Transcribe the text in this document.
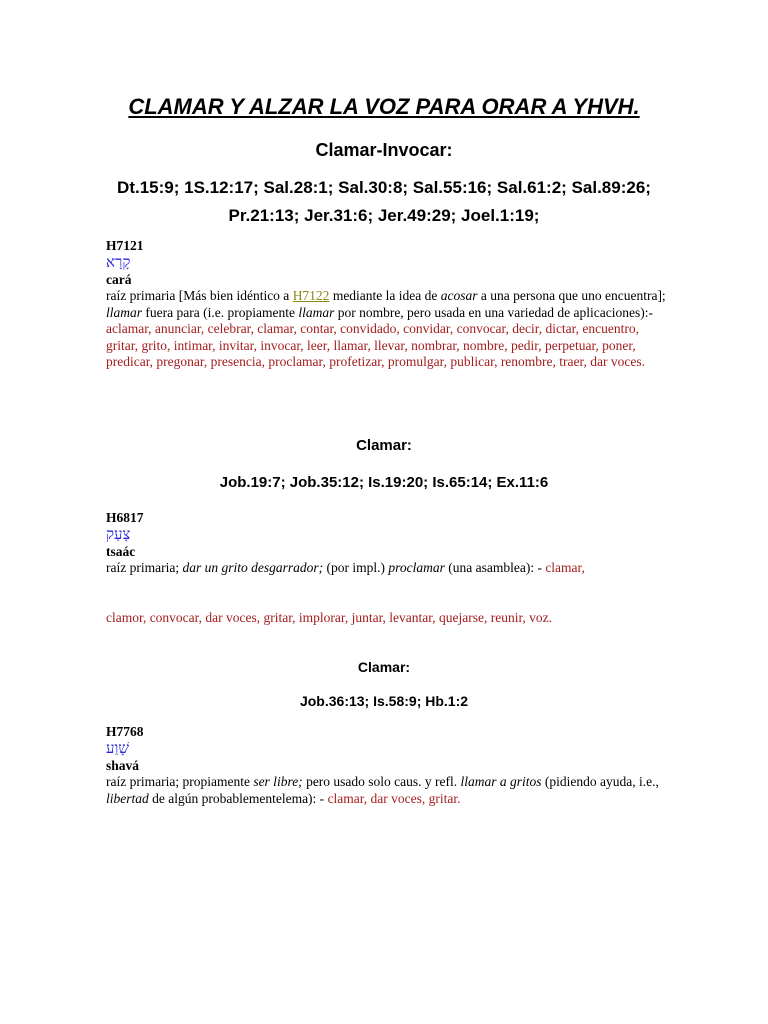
CLAMAR Y ALZAR LA VOZ PARA ORAR A YHVH.
Clamar-Invocar:
Dt.15:9; 1S.12:17; Sal.28:1; Sal.30:8; Sal.55:16; Sal.61:2; Sal.89:26;
Pr.21:13; Jer.31:6; Jer.49:29; Joel.1:19;
H7121
קָרָא
cará
raíz primaria [Más bien idéntico a H7122 mediante la idea de acosar a una persona que uno encuentra]; llamar fuera para (i.e. propiamente llamar por nombre, pero usada en una variedad de aplicaciones):- aclamar, anunciar, celebrar, clamar, contar, convidado, convidar, convocar, decir, dictar, encuentro, gritar, grito, intimar, invitar, invocar, leer, llamar, llevar, nombrar, nombre, pedir, perpetuar, poner, predicar, pregonar, presencia, proclamar, profetizar, promulgar, publicar, renombre, traer, dar voces.
Clamar:
Job.19:7; Job.35:12; Is.19:20; Is.65:14; Ex.11:6
H6817
צָעַק
tsaác
raíz primaria; dar un grito desgarrador; (por impl.) proclamar (una asamblea): - clamar,
clamor, convocar, dar voces, gritar, implorar, juntar, levantar, quejarse, reunir, voz.
Clamar:
Job.36:13; Is.58:9; Hb.1:2
H7768
שָׁוַע
shavá
raíz primaria; propiamente ser libre; pero usado solo caus. y refl. llamar a gritos (pidiendo ayuda, i.e., libertad de algún probablementelema): - clamar, dar voces, gritar.
